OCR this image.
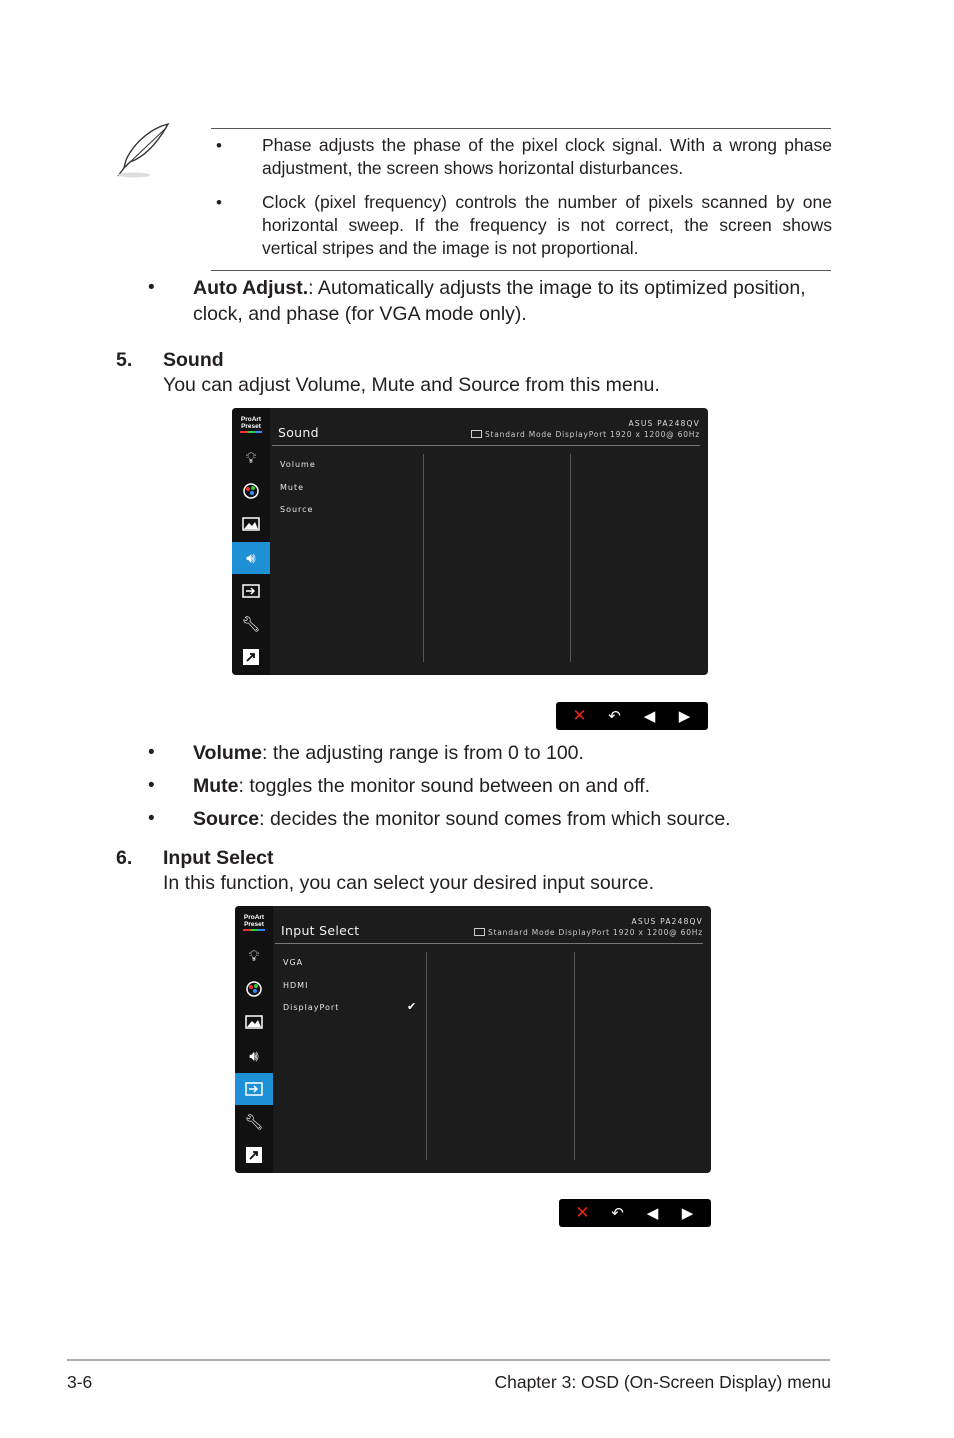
• Phase adjusts the phase of the pixel clock signal. With a wrong phase adjustment, the screen shows horizontal disturbances.
• Clock (pixel frequency) controls the number of pixels scanned by one horizontal sweep. If the frequency is not correct, the screen shows vertical stripes and the image is not proportional.
• Auto Adjust.: Automatically adjusts the image to its optimized position, clock, and phase (for VGA mode only).
5. Sound
You can adjust Volume, Mute and Source from this menu.
ProArt
Preset
💡︎
🔊︎
🔧︎
Sound
ASUS PA248QV
Standard Mode DisplayPort 1920 x 1200@ 60Hz
Volume
Mute
Source
✕	↶	◀	▶
• Volume: the adjusting range is from 0 to 100.
• Mute: toggles the monitor sound between on and off.
• Source: decides the monitor sound comes from which source.
6. Input Select
In this function, you can select your desired input source.
ProArt
Preset
💡︎
🔊︎
🔧︎
Input Select
ASUS PA248QV
Standard Mode DisplayPort 1920 x 1200@ 60Hz
VGA
HDMI
DisplayPort	✔
✕	↶	◀	▶
3-6	Chapter 3: OSD (On-Screen Display) menu
